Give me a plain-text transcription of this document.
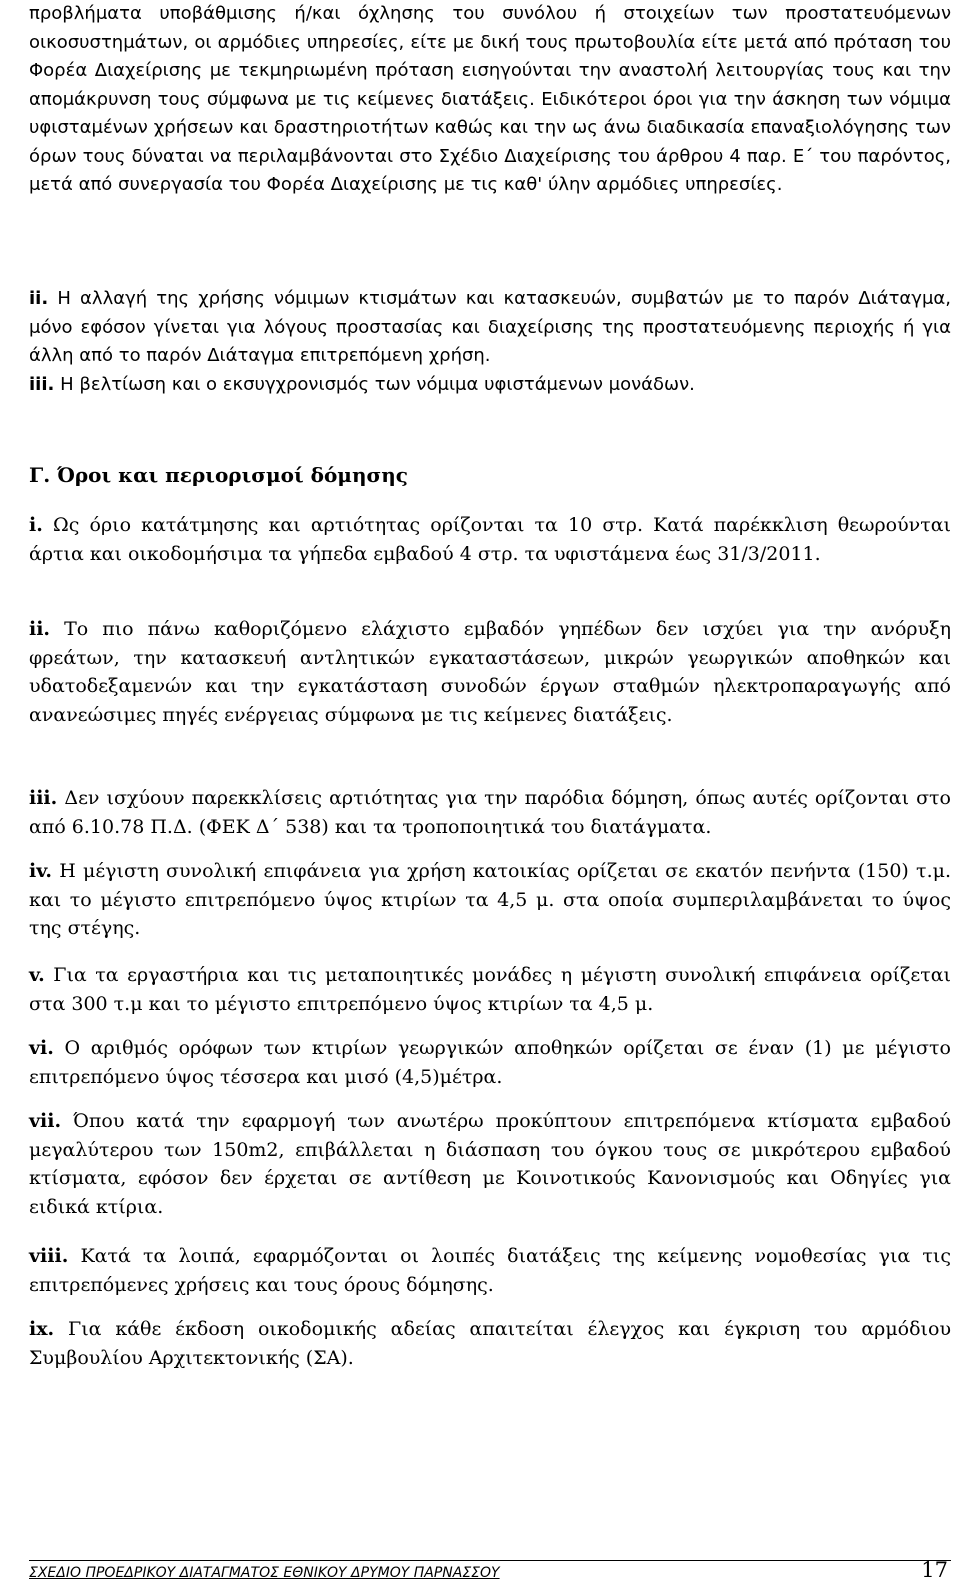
προβλήματα υποβάθμισης ή/και όχλησης του συνόλου ή στοιχείων των προστατευόμενων οικοσυστημάτων, οι αρμόδιες υπηρεσίες, είτε με δική τους πρωτοβουλία είτε μετά από πρόταση του Φορέα Διαχείρισης με τεκμηριωμένη πρόταση εισηγούνται την αναστολή λειτουργίας τους και την απομάκρυνση τους σύμφωνα με τις κείμενες διατάξεις. Ειδικότεροι όροι για την άσκηση των νόμιμα υφισταμένων χρήσεων και δραστηριοτήτων καθώς και την ως άνω διαδικασία επαναξιολόγησης των όρων τους δύναται να περιλαμβάνονται στο Σχέδιο Διαχείρισης του άρθρου 4 παρ. Ε΄ του παρόντος, μετά από συνεργασία του Φορέα Διαχείρισης με τις καθ' ύλην αρμόδιες υπηρεσίες.

ii. Η αλλαγή της χρήσης νόμιμων κτισμάτων και κατασκευών, συμβατών με το παρόν Διάταγμα, μόνο εφόσον γίνεται για λόγους προστασίας και διαχείρισης της προστατευόμενης περιοχής ή για άλλη από το παρόν Διάταγμα επιτρεπόμενη χρήση.

iii. Η βελτίωση και ο εκσυγχρονισμός των νόμιμα υφιστάμενων μονάδων.

Γ. Όροι και περιορισμοί δόμησης

i. Ως όριο κατάτμησης και αρτιότητας ορίζονται τα 10 στρ. Κατά παρέκκλιση θεωρούνται άρτια και οικοδομήσιμα τα γήπεδα εμβαδού 4 στρ. τα υφιστάμενα έως 31/3/2011.

ii. Το πιο πάνω καθοριζόμενο ελάχιστο εμβαδόν γηπέδων δεν ισχύει για την ανόρυξη φρεάτων, την κατασκευή αντλητικών εγκαταστάσεων, μικρών γεωργικών αποθηκών και υδατοδεξαμενών και την εγκατάσταση συνοδών έργων σταθμών ηλεκτροπαραγωγής από ανανεώσιμες πηγές ενέργειας σύμφωνα με τις κείμενες διατάξεις.

iii. Δεν ισχύουν παρεκκλίσεις αρτιότητας για την παρόδια δόμηση, όπως αυτές ορίζονται στο από 6.10.78 Π.Δ. (ΦΕΚ Δ΄ 538) και τα τροποποιητικά του διατάγματα.

iv. Η μέγιστη συνολική επιφάνεια για χρήση κατοικίας ορίζεται σε εκατόν πενήντα (150) τ.μ. και το μέγιστο επιτρεπόμενο ύψος κτιρίων τα 4,5 μ. στα οποία συμπεριλαμβάνεται το ύψος της στέγης.

v. Για τα εργαστήρια και τις μεταποιητικές μονάδες η μέγιστη συνολική επιφάνεια ορίζεται στα 300 τ.μ και το μέγιστο επιτρεπόμενο ύψος κτιρίων τα 4,5 μ.

vi. Ο αριθμός ορόφων των κτιρίων γεωργικών αποθηκών ορίζεται σε έναν (1) με μέγιστο επιτρεπόμενο ύψος τέσσερα και μισό (4,5)μέτρα.

vii. Όπου κατά την εφαρμογή των ανωτέρω προκύπτουν επιτρεπόμενα κτίσματα εμβαδού μεγαλύτερου των 150m2, επιβάλλεται η διάσπαση του όγκου τους σε μικρότερου εμβαδού κτίσματα, εφόσον δεν έρχεται σε αντίθεση με Κοινοτικούς Κανονισμούς και Οδηγίες για ειδικά κτίρια.

viii. Κατά τα λοιπά, εφαρμόζονται οι λοιπές διατάξεις της κείμενης νομοθεσίας για τις επιτρεπόμενες χρήσεις και τους όρους δόμησης.

ix. Για κάθε έκδοση οικοδομικής αδείας απαιτείται έλεγχος και έγκριση του αρμόδιου Συμβουλίου Αρχιτεκτονικής (ΣΑ).

ΣΧΕΔΙΟ ΠΡΟΕΔΡΙΚΟΥ ΔΙΑΤΑΓΜΑΤΟΣ ΕΘΝΙΚΟΥ ΔΡΥΜΟΥ ΠΑΡΝΑΣΣΟΥ	17
